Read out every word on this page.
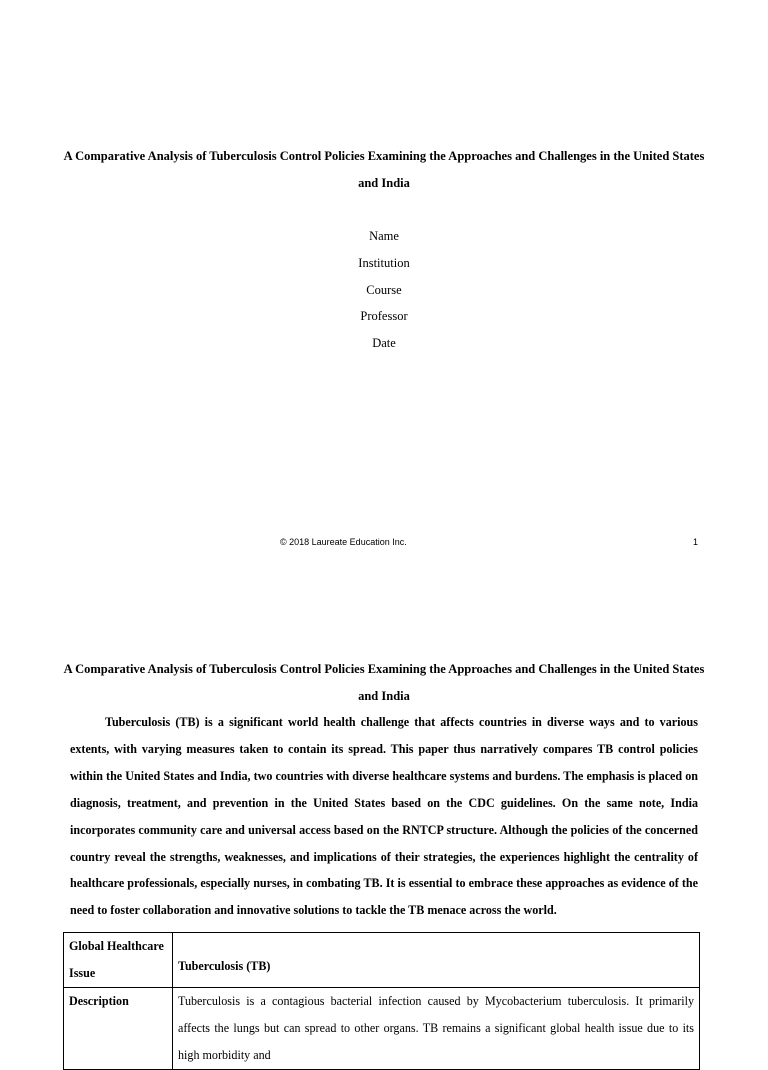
A Comparative Analysis of Tuberculosis Control Policies Examining the Approaches and Challenges in the United States and India
Name
Institution
Course
Professor
Date
© 2018 Laureate Education Inc.	1
A Comparative Analysis of Tuberculosis Control Policies Examining the Approaches and Challenges in the United States and India

Tuberculosis (TB) is a significant world health challenge that affects countries in diverse ways and to various extents, with varying measures taken to contain its spread. This paper thus narratively compares TB control policies within the United States and India, two countries with diverse healthcare systems and burdens. The emphasis is placed on diagnosis, treatment, and prevention in the United States based on the CDC guidelines. On the same note, India incorporates community care and universal access based on the RNTCP structure. Although the policies of the concerned country reveal the strengths, weaknesses, and implications of their strategies, the experiences highlight the centrality of healthcare professionals, especially nurses, in combating TB. It is essential to embrace these approaches as evidence of the need to foster collaboration and innovative solutions to tackle the TB menace across the world.

Global Healthcare Issue	Tuberculosis (TB)
Description	Tuberculosis is a contagious bacterial infection caused by Mycobacterium tuberculosis. It primarily affects the lungs but can spread to other organs. TB remains a significant global health issue due to its high morbidity and
